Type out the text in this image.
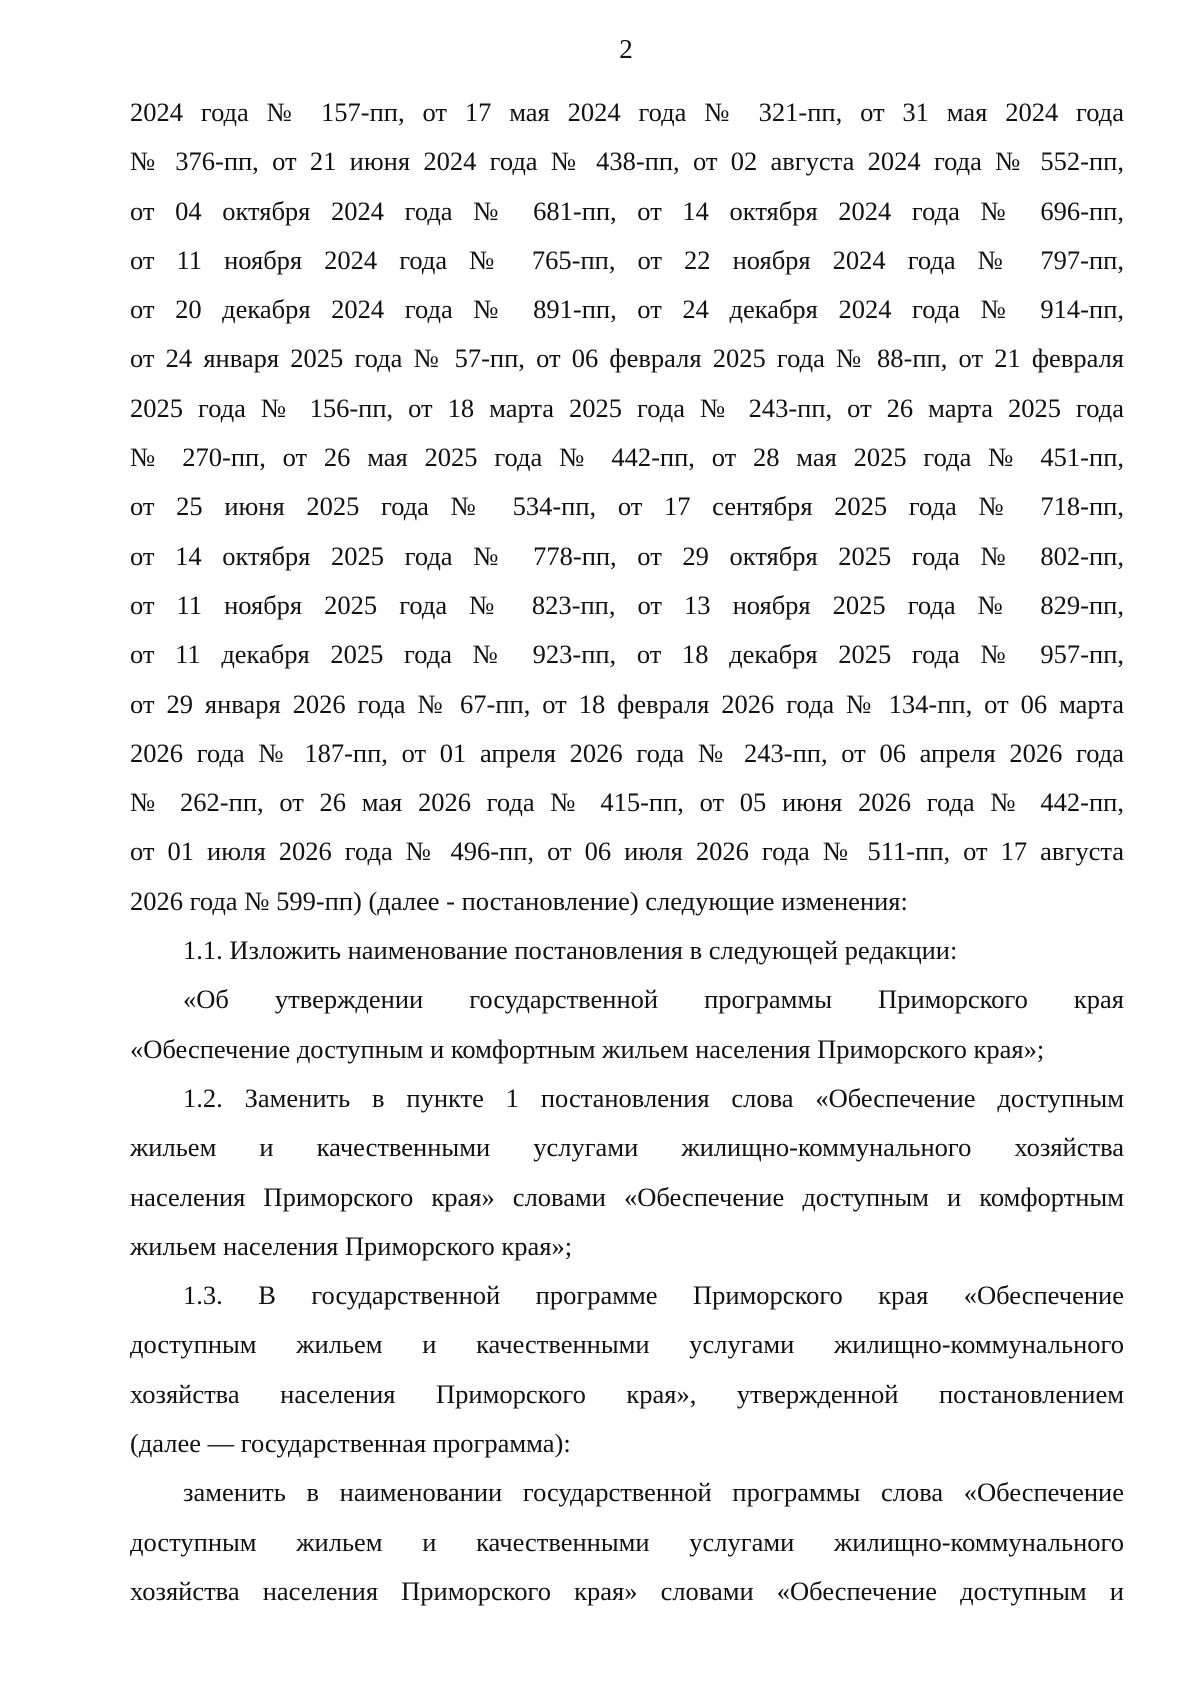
2
2024 года № 157-пп, от 17 мая 2024 года № 321-пп, от 31 мая 2024 года
№ 376-пп, от 21 июня 2024 года № 438-пп, от 02 августа 2024 года № 552-пп,
от 04 октября 2024 года № 681-пп, от 14 октября 2024 года № 696-пп,
от 11 ноября 2024 года № 765-пп, от 22 ноября 2024 года № 797-пп,
от 20 декабря 2024 года № 891-пп, от 24 декабря 2024 года № 914-пп,
от 24 января 2025 года № 57-пп, от 06 февраля 2025 года № 88-пп, от 21 февраля
2025 года № 156-пп, от 18 марта 2025 года № 243-пп, от 26 марта 2025 года
№ 270-пп, от 26 мая 2025 года № 442-пп, от 28 мая 2025 года № 451-пп,
от 25 июня 2025 года № 534-пп, от 17 сентября 2025 года № 718-пп,
от 14 октября 2025 года № 778-пп, от 29 октября 2025 года № 802-пп,
от 11 ноября 2025 года № 823-пп, от 13 ноября 2025 года № 829-пп,
от 11 декабря 2025 года № 923-пп, от 18 декабря 2025 года № 957-пп,
от 29 января 2026 года № 67-пп, от 18 февраля 2026 года № 134-пп, от 06 марта
2026 года № 187-пп, от 01 апреля 2026 года № 243-пп, от 06 апреля 2026 года
№ 262-пп, от 26 мая 2026 года № 415-пп, от 05 июня 2026 года № 442-пп,
от 01 июля 2026 года № 496-пп, от 06 июля 2026 года № 511-пп, от 17 августа
2026 года № 599-пп) (далее - постановление) следующие изменения:
1.1. Изложить наименование постановления в следующей редакции:
«Об утверждении государственной программы Приморского края
«Обеспечение доступным и комфортным жильем населения Приморского края»;
1.2. Заменить в пункте 1 постановления слова «Обеспечение доступным
жильем и качественными услугами жилищно-коммунального хозяйства
населения Приморского края» словами «Обеспечение доступным и комфортным
жильем населения Приморского края»;
1.3. В государственной программе Приморского края «Обеспечение
доступным жильем и качественными услугами жилищно-коммунального
хозяйства населения Приморского края», утвержденной постановлением
(далее — государственная программа):
заменить в наименовании государственной программы слова «Обеспечение
доступным жильем и качественными услугами жилищно-коммунального
хозяйства населения Приморского края» словами «Обеспечение доступным и
